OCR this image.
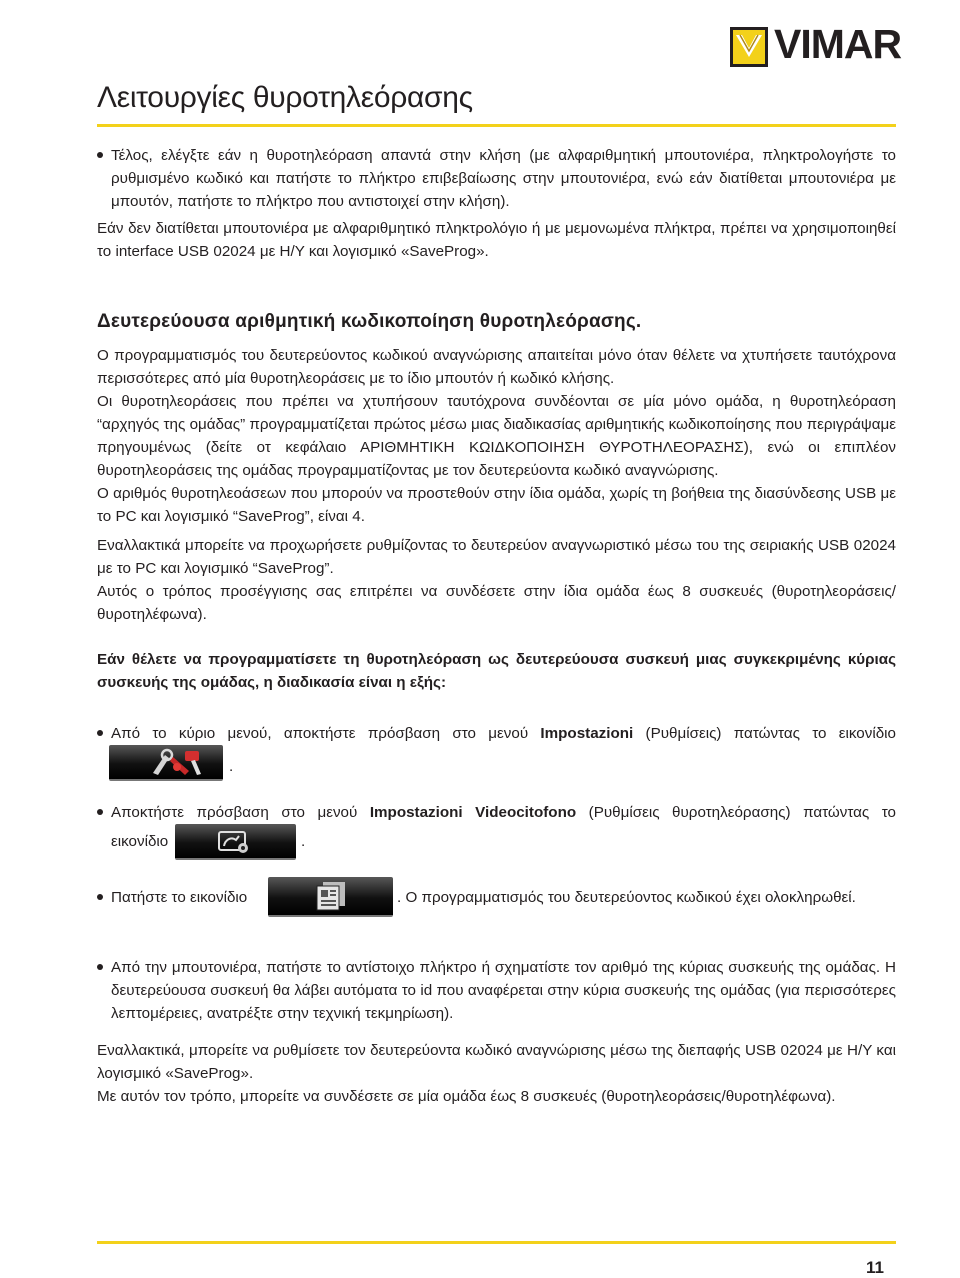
VIMAR
Λειτουργίες θυροτηλεόρασης
Τέλος, ελέγξτε εάν η θυροτηλεόραση απαντά στην κλήση (με αλφαριθμητική μπουτονιέρα, πληκτρολογήστε το ρυθμισμένο κωδικό και πατήστε το πλήκτρο επιβεβαίωσης στην μπουτονιέρα, ενώ εάν διατίθεται μπουτονιέρα με μπουτόν, πατήστε το πλήκτρο που αντιστοιχεί στην κλήση).

Εάν δεν διατίθεται μπουτονιέρα με αλφαριθμητικό πληκτρολόγιο ή με μεμονωμένα πλήκτρα, πρέπει να χρησιμοποιηθεί το interface USB 02024 με Η/Υ και λογισμικό «SaveProg».

Δευτερεύουσα αριθμητική κωδικοποίηση θυροτηλεόρασης.

Ο προγραμματισμός του δευτερεύοντος κωδικού αναγνώρισης απαιτείται μόνο όταν θέλετε να χτυπήσετε ταυτόχρονα περισσότερες από μία θυροτηλεοράσεις με το ίδιο μπουτόν ή κωδικό κλήσης.

Οι θυροτηλεοράσεις που πρέπει να χτυπήσουν ταυτόχρονα συνδέονται σε μία μόνο ομάδα, η θυροτηλεόραση “αρχηγός της ομάδας” προγραμματίζεται πρώτος μέσω μιας διαδικασίας αριθμητικής κωδικοποίησης που περιγράψαμε πρηγουμένως (δείτε οτ κεφάλαιο ΑΡΙΘΜΗΤΙΚΗ ΚΩΙΔΚΟΠΟΙΗΣΗ ΘΥΡΟΤΗΛΕΟΡΑΣΗΣ), ενώ οι επιπλέον θυροτηλεοράσεις της ομάδας προγραμματίζοντας με τον δευτερεύοντα κωδικό αναγνώρισης.

Ο αριθμός θυροτηλεοάσεων που μπορούν να προστεθούν στην ίδια ομάδα, χωρίς τη βοήθεια της διασύνδεσης USB με το PC και λογισμικό “SaveProg”, είναι 4.

Εναλλακτικά μπορείτε να προχωρήσετε ρυθμίζοντας το δευτερεύον αναγνωριστικό μέσω του της σειριακής USB 02024 με το PC και λογισμικό “SaveProg”.

Αυτός ο τρόπος προσέγγισης σας επιτρέπει να συνδέσετε στην ίδια ομάδα έως 8 συσκευές (θυροτηλεοράσεις/θυροτηλέφωνα).

Εάν θέλετε να προγραμματίσετε τη θυροτηλεόραση ως δευτερεύουσα συσκευή μιας συγκεκριμένης κύριας συσκευής της ομάδας, η διαδικασία είναι η εξής:

Από το κύριο μενού, αποκτήστε πρόσβαση στο μενού Impostazioni (Ρυθμίσεις) πατώντας το εικονίδιο
.
Αποκτήστε πρόσβαση στο μενού Impostazioni Videocitofono (Ρυθμίσεις θυροτηλεόρασης) πατώντας το
εικονίδιο	.
Πατήστε το εικονίδιο	. Ο προγραμματισμός του δευτερεύοντος κωδικού έχει ολοκληρωθεί.
Από την μπουτονιέρα, πατήστε το αντίστοιχο πλήκτρο ή σχηματίστε τον αριθμό της κύριας συσκευής της ομάδας. Η δευτερεύουσα συσκευή θα λάβει αυτόματα το id που αναφέρεται στην κύρια συσκευής της ομάδας (για περισσότερες λεπτομέρειες, ανατρέξτε στην τεχνική τεκμηρίωση).

Εναλλακτικά, μπορείτε να ρυθμίσετε τον δευτερεύοντα κωδικό αναγνώρισης μέσω της διεπαφής USB 02024 με Η/Υ και λογισμικό «SaveProg».

Με αυτόν τον τρόπο, μπορείτε να συνδέσετε σε μία ομάδα έως 8 συσκευές (θυροτηλεοράσεις/θυροτηλέφωνα).

11
